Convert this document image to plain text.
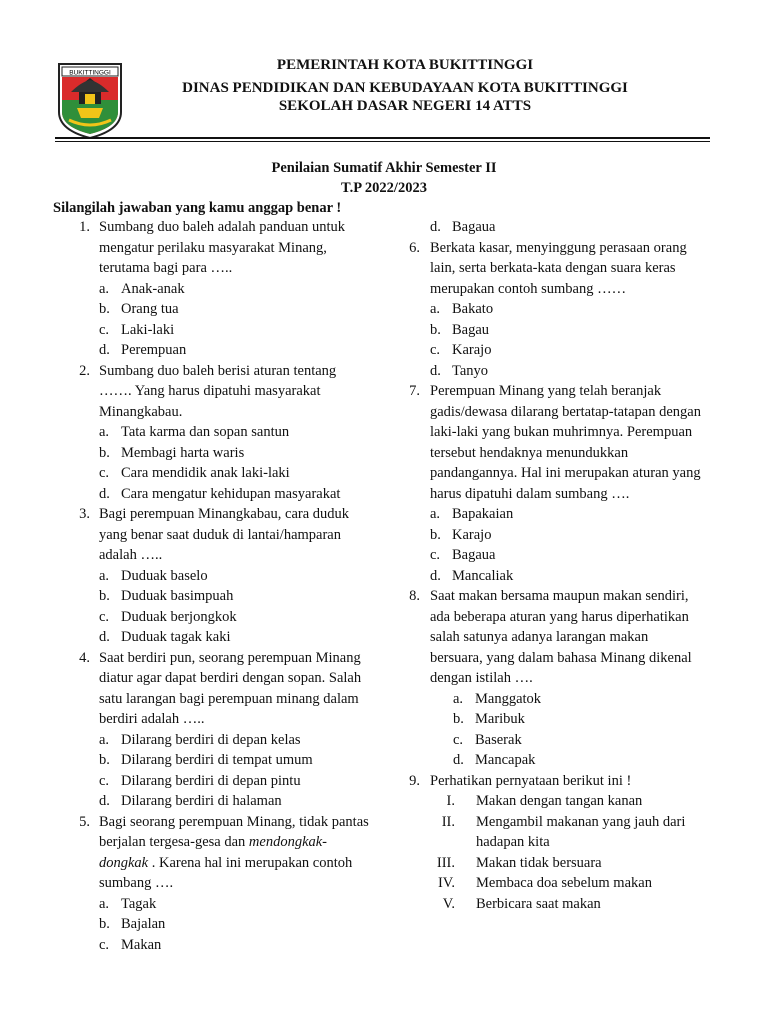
BUKITTINGGI	PEMERINTAH KOTA BUKITTINGGI
DINAS PENDIDIKAN DAN KEBUDAYAAN KOTA BUKITTINGGI
SEKOLAH DASAR NEGERI 14 ATTS
Penilaian Sumatif Akhir Semester II
T.P 2022/2023
Silangilah jawaban yang kamu anggap benar !
1. Sumbang duo baleh adalah panduan untuk
mengatur perilaku masyarakat Minang,
terutama bagi para …..
a. Anak-anak
b. Orang tua
c. Laki-laki
d. Perempuan
2. Sumbang duo baleh berisi aturan tentang
……. Yang harus dipatuhi masyarakat
Minangkabau.
a. Tata karma dan sopan santun
b. Membagi harta waris
c. Cara mendidik anak laki-laki
d. Cara mengatur kehidupan masyarakat
3. Bagi perempuan Minangkabau, cara duduk
yang benar saat duduk di lantai/hamparan
adalah …..
a. Duduak baselo
b. Duduak basimpuah
c. Duduak berjongkok
d. Duduak tagak kaki
4. Saat berdiri pun, seorang perempuan Minang
diatur agar dapat berdiri dengan sopan. Salah
satu larangan bagi perempuan minang dalam
berdiri adalah …..
a. Dilarang berdiri di depan kelas
b. Dilarang berdiri di tempat umum
c. Dilarang berdiri di depan pintu
d. Dilarang berdiri di halaman
5. Bagi seorang perempuan Minang, tidak pantas
berjalan tergesa-gesa dan mendongkak-
dongkak . Karena hal ini merupakan contoh
sumbang ….
a. Tagak
b. Bajalan
c. Makan
d. Bagaua
6. Berkata kasar, menyinggung perasaan orang
lain, serta berkata-kata dengan suara keras
merupakan contoh sumbang ……
a. Bakato
b. Bagau
c. Karajo
d. Tanyo
7. Perempuan Minang yang telah beranjak
gadis/dewasa dilarang bertatap-tatapan dengan
laki-laki yang bukan muhrimnya. Perempuan
tersebut hendaknya menundukkan
pandangannya. Hal ini merupakan aturan yang
harus dipatuhi dalam sumbang ….
a. Bapakaian
b. Karajo
c. Bagaua
d. Mancaliak
8. Saat makan bersama maupun makan sendiri,
ada beberapa aturan yang harus diperhatikan
salah satunya adanya larangan makan
bersuara, yang dalam bahasa Minang dikenal
dengan istilah ….
a. Manggatok
b. Maribuk
c. Baserak
d. Mancapak
9. Perhatikan pernyataan berikut ini !
I. Makan dengan tangan kanan
II. Mengambil makanan yang jauh dari
hadapan kita
III. Makan tidak bersuara
IV. Membaca doa sebelum makan
V. Berbicara saat makan
